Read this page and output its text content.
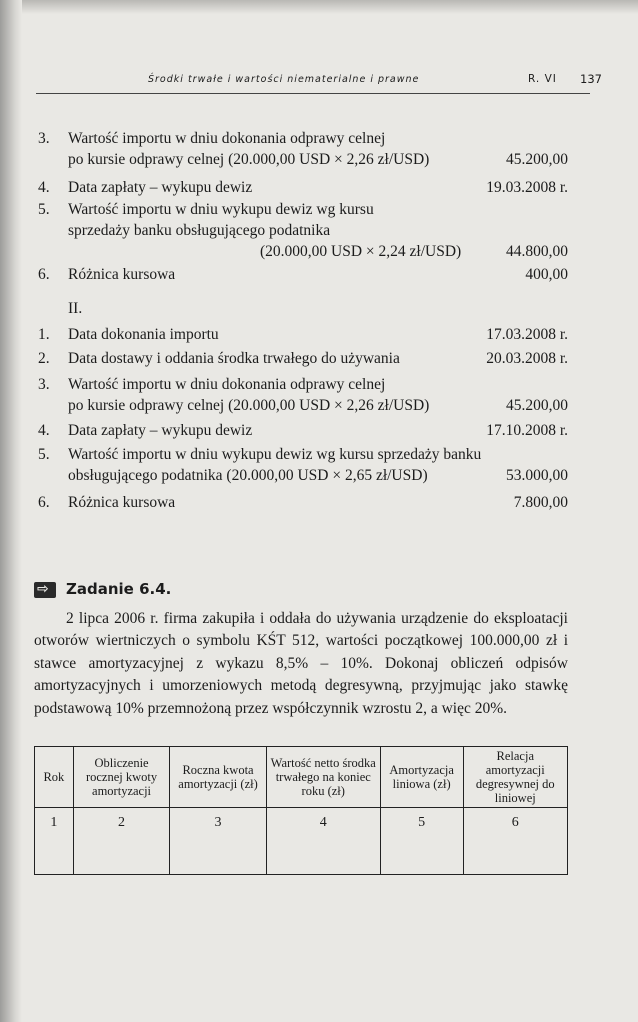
Środki trwałe i wartości niematerialne i prawne	R. VI 137
3. Wartość importu w dniu dokonania odprawy celnej
po kursie odprawy celnej (20.000,00 USD × 2,26 zł/USD)	45.200,00
4. Data zapłaty – wykupu dewiz	19.03.2008 r.
5. Wartość importu w dniu wykupu dewiz wg kursu
sprzedaży banku obsługującego podatnika
(20.000,00 USD × 2,24 zł/USD)	44.800,00
6. Różnica kursowa	400,00
II.
1. Data dokonania importu	17.03.2008 r.
2. Data dostawy i oddania środka trwałego do używania	20.03.2008 r.
3. Wartość importu w dniu dokonania odprawy celnej
po kursie odprawy celnej (20.000,00 USD × 2,26 zł/USD)	45.200,00
4. Data zapłaty – wykupu dewiz	17.10.2008 r.
5. Wartość importu w dniu wykupu dewiz wg kursu sprzedaży banku
obsługującego podatnika (20.000,00 USD × 2,65 zł/USD)	53.000,00
6. Różnica kursowa	7.800,00
⇨ Zadanie 6.4.

2 lipca 2006 r. firma zakupiła i oddała do używania urządzenie do eksploatacji otworów wiertniczych o symbolu KŚT 512, wartości początkowej 100.000,00 zł i stawce amortyzacyjnej z wykazu 8,5% – 10%. Dokonaj obliczeń odpisów amortyzacyjnych i umorzeniowych metodą degresywną, przyjmując jako stawkę podstawową 10% przemnożoną przez współczynnik wzrostu 2, a więc 20%.

Rok	Obliczenie rocznej kwoty amortyzacji	Roczna kwota amortyzacji (zł)	Wartość netto środka trwałego na koniec roku (zł)	Amortyzacja liniowa (zł)	Relacja amortyzacji degresywnej do liniowej
1	2	3	4	5	6
